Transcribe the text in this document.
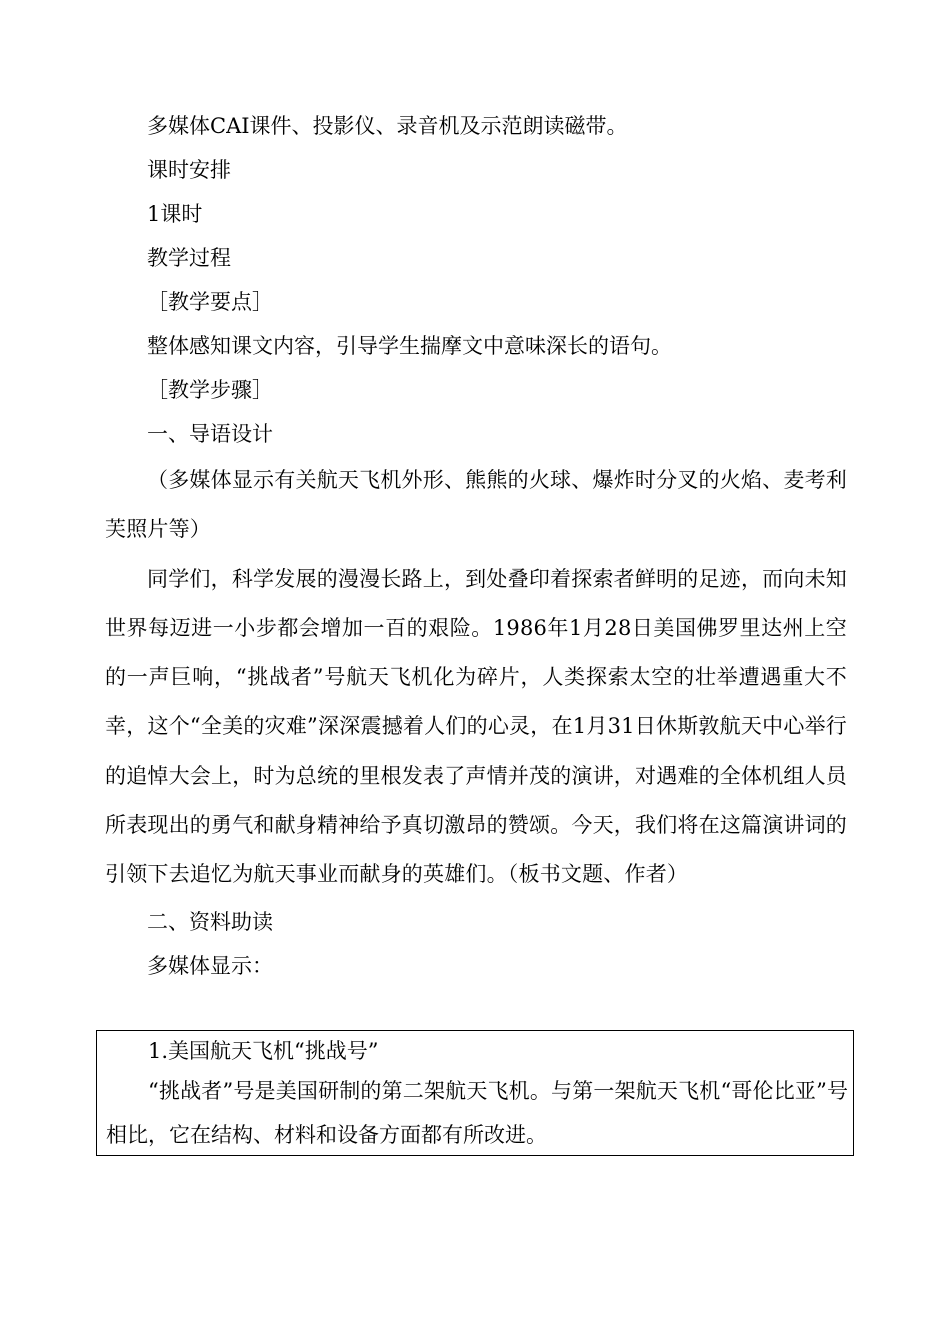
多媒体CAI课件、投影仪、录音机及示范朗读磁带。

课时安排

1课时

教学过程

［教学要点］

整体感知课文内容，引导学生揣摩文中意味深长的语句。

［教学步骤］

一、导语设计

（多媒体显示有关航天飞机外形、熊熊的火球、爆炸时分叉的火焰、麦考利芙照片等）

同学们，科学发展的漫漫长路上，到处叠印着探索者鲜明的足迹，而向未知世界每迈进一小步都会增加一百的艰险。1986年1月28日美国佛罗里达州上空的一声巨响，“挑战者”号航天飞机化为碎片，人类探索太空的壮举遭遇重大不幸，这个“全美的灾难”深深震撼着人们的心灵，在1月31日休斯敦航天中心举行的追悼大会上，时为总统的里根发表了声情并茂的演讲，对遇难的全体机组人员所表现出的勇气和献身精神给予真切激昂的赞颂。今天，我们将在这篇演讲词的引领下去追忆为航天事业而献身的英雄们。（板书文题、作者）

二、资料助读

多媒体显示：

1.美国航天飞机“挑战号”

“挑战者”号是美国研制的第二架航天飞机。与第一架航天飞机“哥伦比亚”号相比，它在结构、材料和设备方面都有所改进。
